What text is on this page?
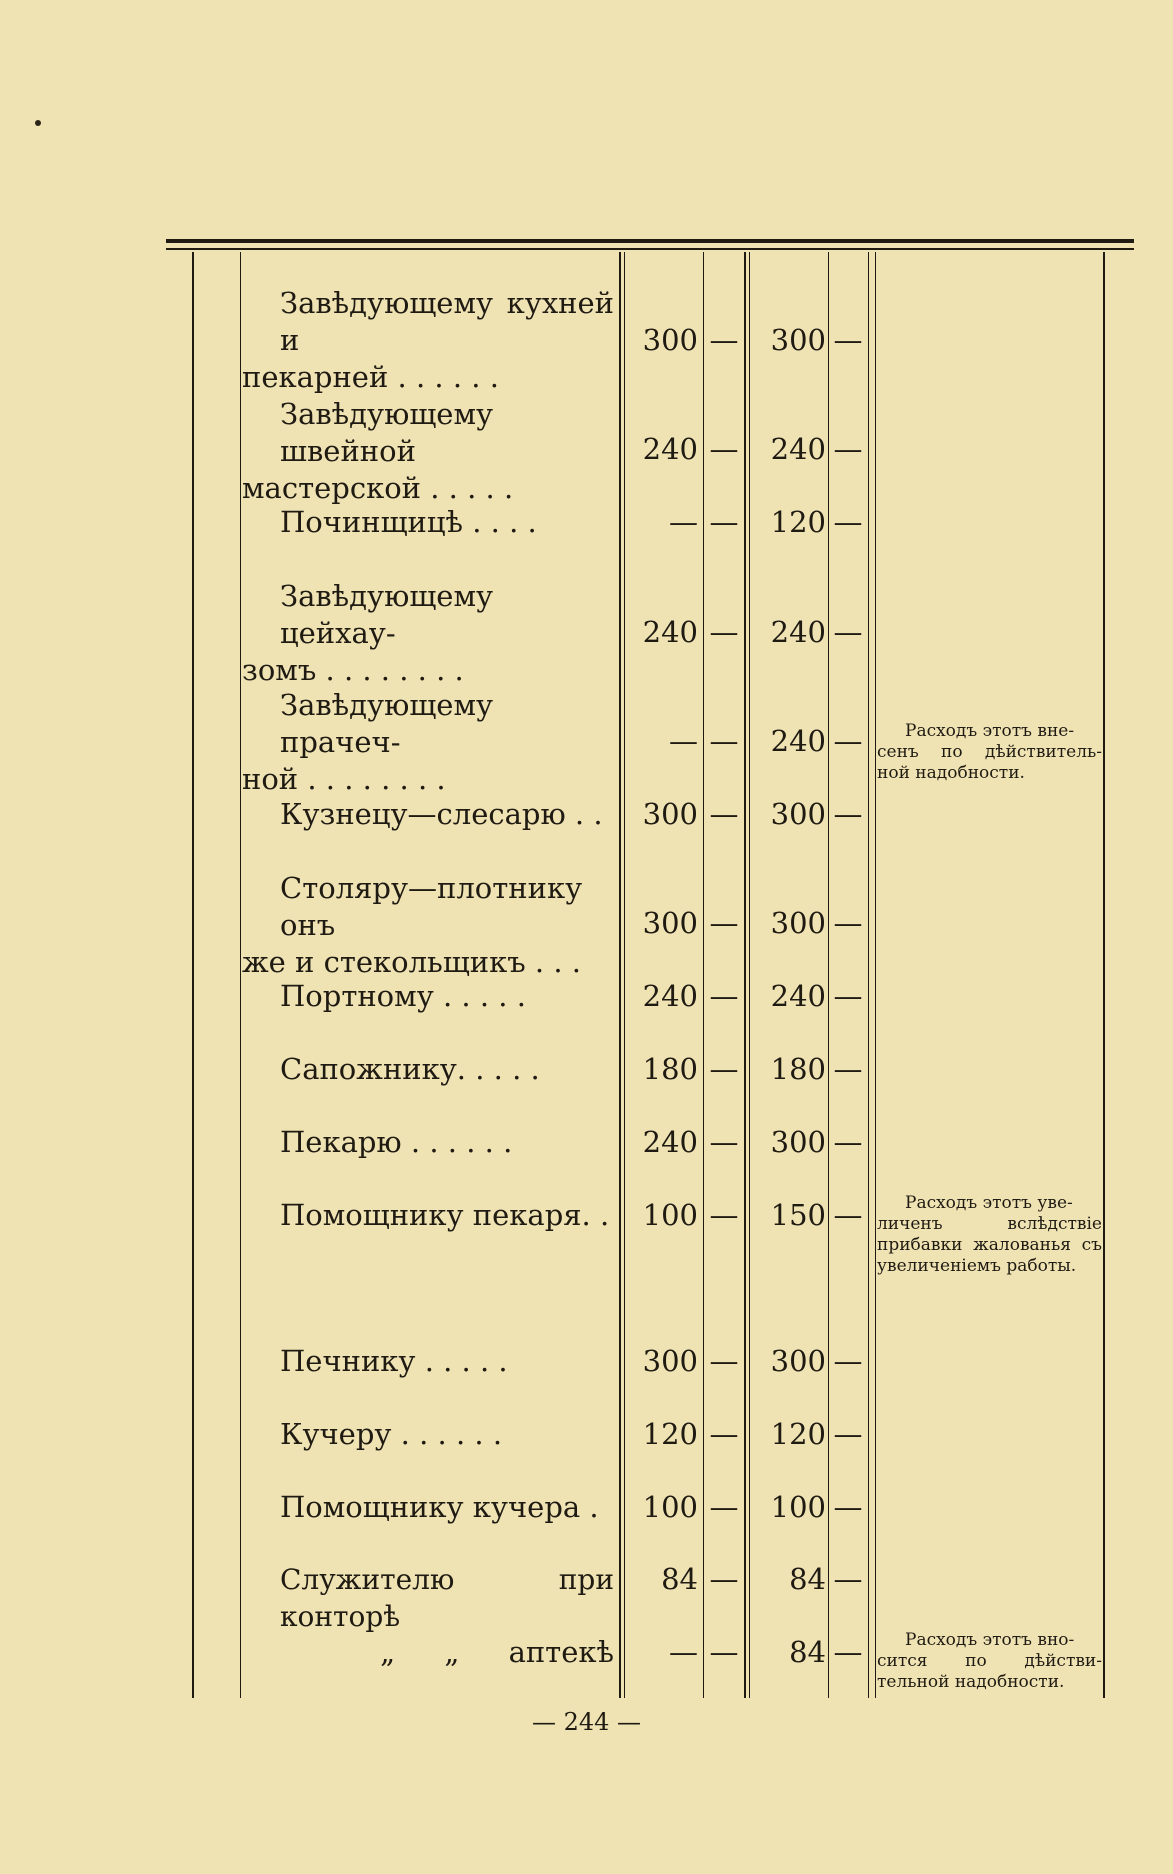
Завѣдующему кухней и
пекарней . . . . . .
300 —	300 —
Завѣдующему швейной
мастерской . . . . .
240 —	240 —
Починщицѣ . . . .	— —	120 —
Завѣдующему цейхау-
зомъ . . . . . . . .
240 —	240 —
Завѣдующему прачеч-
ной . . . . . . . .
— —	240 —
Кузнецу—слесарю . .	300 —	300 —
Столяру—плотнику онъ
же и стекольщикъ . . .
300 —	300 —
Портному . . . . .	240 —	240 —
Сапожнику. . . . .	180 —	180 —
Пекарю . . . . . .	240 —	300 —
Помощнику пекаря. .	100 —	150 —
Печнику . . . . .	300 —	300 —
Кучеру . . . . . .	120 —	120 —
Помощнику кучера .	100 —	100 —
Служителю при конторѣ
84 —	84 —
„ „ аптекѣ	— —	84 —
Расходъ этотъ вне-
сенъ по дѣйствитель- ной надобности.
Расходъ этотъ уве-
личенъ вслѣдствіе прибавки жалованья съ увеличеніемъ работы.
Расходъ этотъ вно-
сится по дѣйстви- тельной надобности.
— 244 —
